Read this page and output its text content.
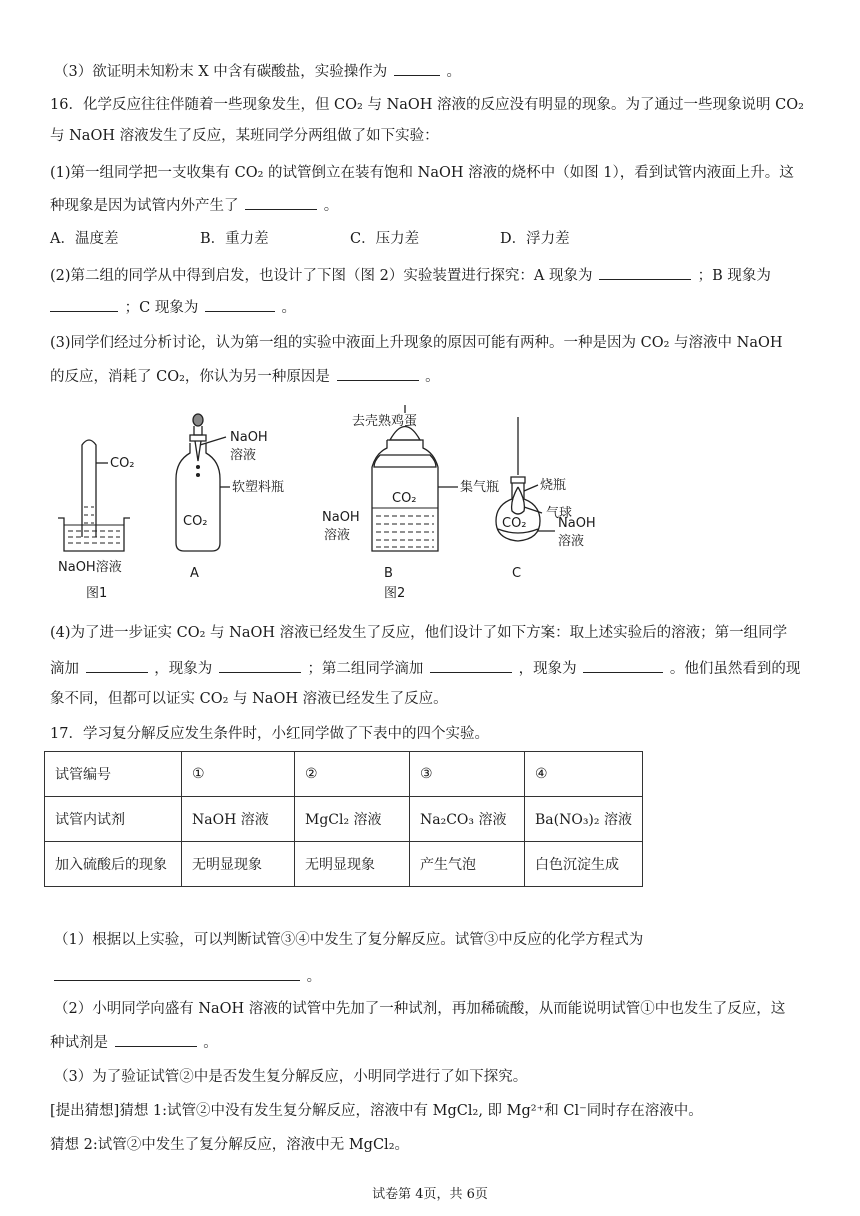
（3）欲证明未知粉末 X 中含有碳酸盐，实验操作为	。
16．化学反应往往伴随着一些现象发生，但 CO₂ 与 NaOH 溶液的反应没有明显的现象。为了通过一些现象说明 CO₂
与 NaOH 溶液发生了反应，某班同学分两组做了如下实验：
(1)第一组同学把一支收集有 CO₂ 的试管倒立在装有饱和 NaOH 溶液的烧杯中（如图 1），看到试管内液面上升。这
种现象是因为试管内外产生了	。
A．温度差	B．重力差	C．压力差	D．浮力差
(2)第二组的同学从中得到启发，也设计了下图（图 2）实验装置进行探究：A 现象为	；B 现象为
；C 现象为	。
(3)同学们经过分析讨论，认为第一组的实验中液面上升现象的原因可能有两种。一种是因为 CO₂ 与溶液中 NaOH
的反应，消耗了 CO₂，你认为另一种原因是	。
CO₂
NaOH溶液
图1
NaOH
溶液
软塑料瓶
CO₂
A
去壳熟鸡蛋
CO₂
集气瓶
NaOH
溶液
B
图2
烧瓶
气球
CO₂ NaOH
溶液
C
(4)为了进一步证实 CO₂ 与 NaOH 溶液已经发生了反应，他们设计了如下方案：取上述实验后的溶液；第一组同学
滴加	，现象为	；第二组同学滴加	，现象为	。他们虽然看到的现
象不同，但都可以证实 CO₂ 与 NaOH 溶液已经发生了反应。
17．学习复分解反应发生条件时，小红同学做了下表中的四个实验。
试管编号	①	②	③	④
试管内试剂	NaOH 溶液	MgCl₂ 溶液	Na₂CO₃ 溶液	Ba(NO₃)₂ 溶液
加入硫酸后的现象	无明显现象	无明显现象	产生气泡	白色沉淀生成
（1）根据以上实验，可以判断试管③④中发生了复分解反应。试管③中反应的化学方程式为
。
（2）小明同学向盛有 NaOH 溶液的试管中先加了一种试剂，再加稀硫酸，从而能说明试管①中也发生了反应，这
种试剂是	。
（3）为了验证试管②中是否发生复分解反应，小明同学进行了如下探究。
[提出猜想]猜想 1:试管②中没有发生复分解反应，溶液中有 MgCl₂, 即 Mg²⁺和 Cl⁻同时存在溶液中。
猜想 2:试管②中发生了复分解反应，溶液中无 MgCl₂。
试卷第 4页，共 6页
